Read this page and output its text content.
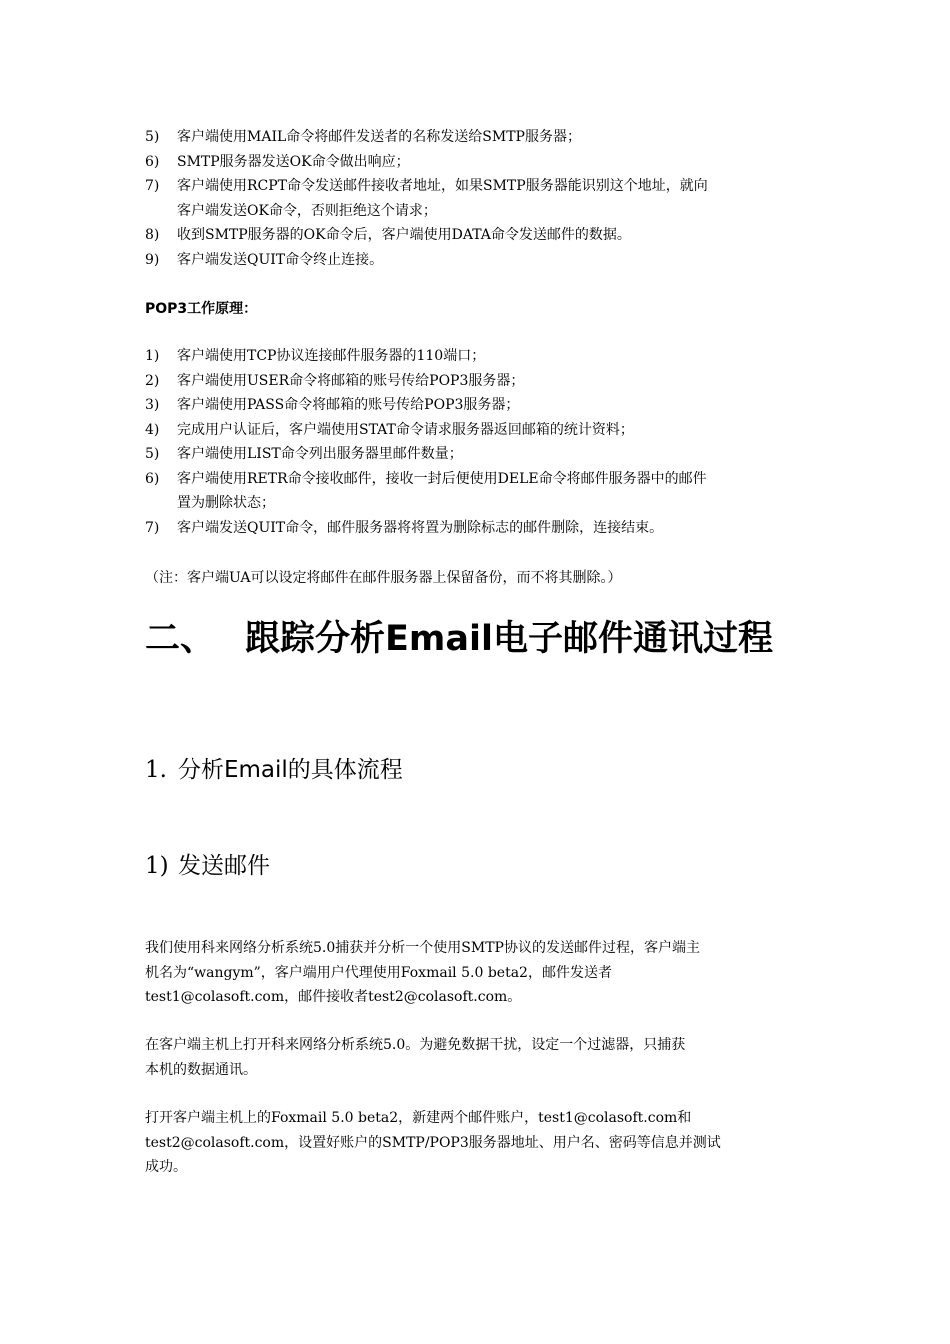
5)	客户端使用MAIL命令将邮件发送者的名称发送给SMTP服务器；
6)	SMTP服务器发送OK命令做出响应；
7)	客户端使用RCPT命令发送邮件接收者地址，如果SMTP服务器能识别这个地址，就向
客户端发送OK命令，否则拒绝这个请求；
8)	收到SMTP服务器的OK命令后，客户端使用DATA命令发送邮件的数据。
9)	客户端发送QUIT命令终止连接。
POP3工作原理：
1)	客户端使用TCP协议连接邮件服务器的110端口；
2)	客户端使用USER命令将邮箱的账号传给POP3服务器；
3)	客户端使用PASS命令将邮箱的账号传给POP3服务器；
4)	完成用户认证后，客户端使用STAT命令请求服务器返回邮箱的统计资料；
5)	客户端使用LIST命令列出服务器里邮件数量；
6)	客户端使用RETR命令接收邮件，接收一封后便使用DELE命令将邮件服务器中的邮件
置为删除状态；
7)	客户端发送QUIT命令，邮件服务器将将置为删除标志的邮件删除，连接结束。
（注：客户端UA可以设定将邮件在邮件服务器上保留备份，而不将其删除。）
二、 跟踪分析Email电子邮件通讯过程
1. 分析Email的具体流程
1) 发送邮件
我们使用科来网络分析系统5.0捕获并分析一个使用SMTP协议的发送邮件过程，客户端主
机名为“wangym”，客户端用户代理使用Foxmail 5.0 beta2，邮件发送者
test1@colasoft.com，邮件接收者test2@colasoft.com。
在客户端主机上打开科来网络分析系统5.0。为避免数据干扰，设定一个过滤器，只捕获
本机的数据通讯。
打开客户端主机上的Foxmail 5.0 beta2，新建两个邮件账户，test1@colasoft.com和
test2@colasoft.com，设置好账户的SMTP/POP3服务器地址、用户名、密码等信息并测试
成功。
